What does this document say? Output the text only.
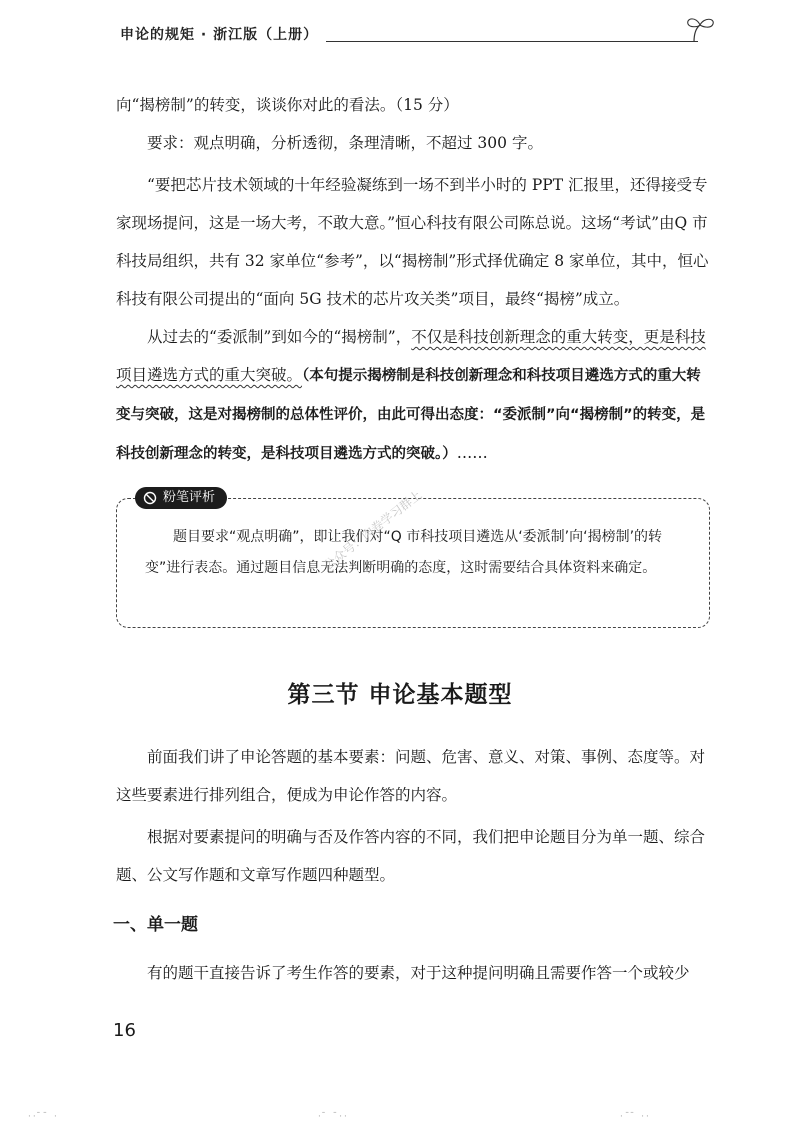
申论的规矩 · 浙江版（上册）

向“揭榜制”的转变，谈谈你对此的看法。（15 分）

要求：观点明确，分析透彻，条理清晰，不超过 300 字。

“要把芯片技术领域的十年经验凝练到一场不到半小时的 PPT 汇报里，还得接受专家现场提问，这是一场大考，不敢大意。”恒心科技有限公司陈总说。这场“考试”由Q 市科技局组织，共有 32 家单位“参考”，以“揭榜制”形式择优确定 8 家单位，其中，恒心科技有限公司提出的“面向 5G 技术的芯片攻关类”项目，最终“揭榜”成立。

从过去的“委派制”到如今的“揭榜制”，不仅是科技创新理念的重大转变，更是科技项目遴选方式的重大突破。（本句提示揭榜制是科技创新理念和科技项目遴选方式的重大转变与突破，这是对揭榜制的总体性评价，由此可得出态度：“委派制”向“揭榜制”的转变，是科技创新理念的转变，是科技项目遴选方式的突破。）……

粉笔评析

题目要求“观点明确”，即让我们对“Q 市科技项目遴选从‘委派制’向‘揭榜制’的转变”进行表态。通过题目信息无法判断明确的态度，这时需要结合具体资料来确定。

公众号：肉卷学习群上
第三节 申论基本题型

前面我们讲了申论答题的基本要素：问题、危害、意义、对策、事例、态度等。对这些要素进行排列组合，便成为申论作答的内容。

根据对要素提问的明确与否及作答内容的不同，我们把申论题目分为单一题、综合题、公文写作题和文章写作题四种题型。

一、单一题

有的题干直接告诉了考生作答的要素，对于这种提问明确且需要作答一个或较少

16
·· ̄ˉ ·	· ̄ ˉ··	·ˉ ̄ ··
